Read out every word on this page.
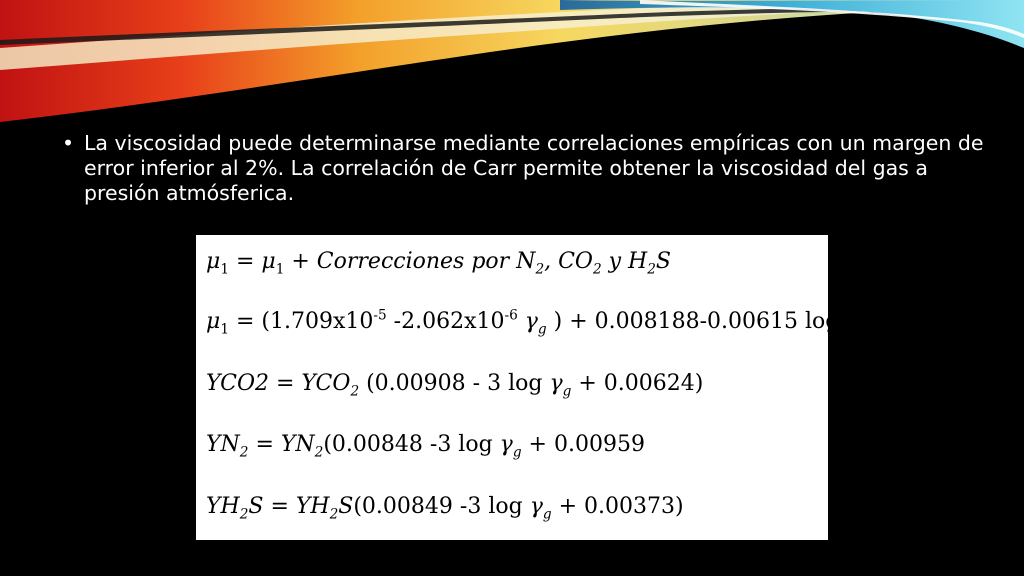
• La viscosidad puede determinarse mediante correlaciones empíricas con un margen de error inferior al 2%. La correlación de Carr permite obtener la viscosidad del gas a presión atmósferica.
$\mu_1 = \mu_1$ + Correcciones por $N_2$, $CO_2$ y $H_2S$
$\mu_1 = (1.709x10^{-5}$ $-2.062x10^{-6}$ $\gamma_g$ ) + 0.008188-0.00615 $\log \gamma_g$
$YCO2 = YCO_2$ (0.00908 - 3 $\log \gamma_g + 0.00624$)
$YN_2 = YN_2(0.00848$ -3 $\log \gamma_g + 0.00959$
$YH_2S = YH_2S(0.00849$ -3 $\log \gamma_g + 0.00373$)
